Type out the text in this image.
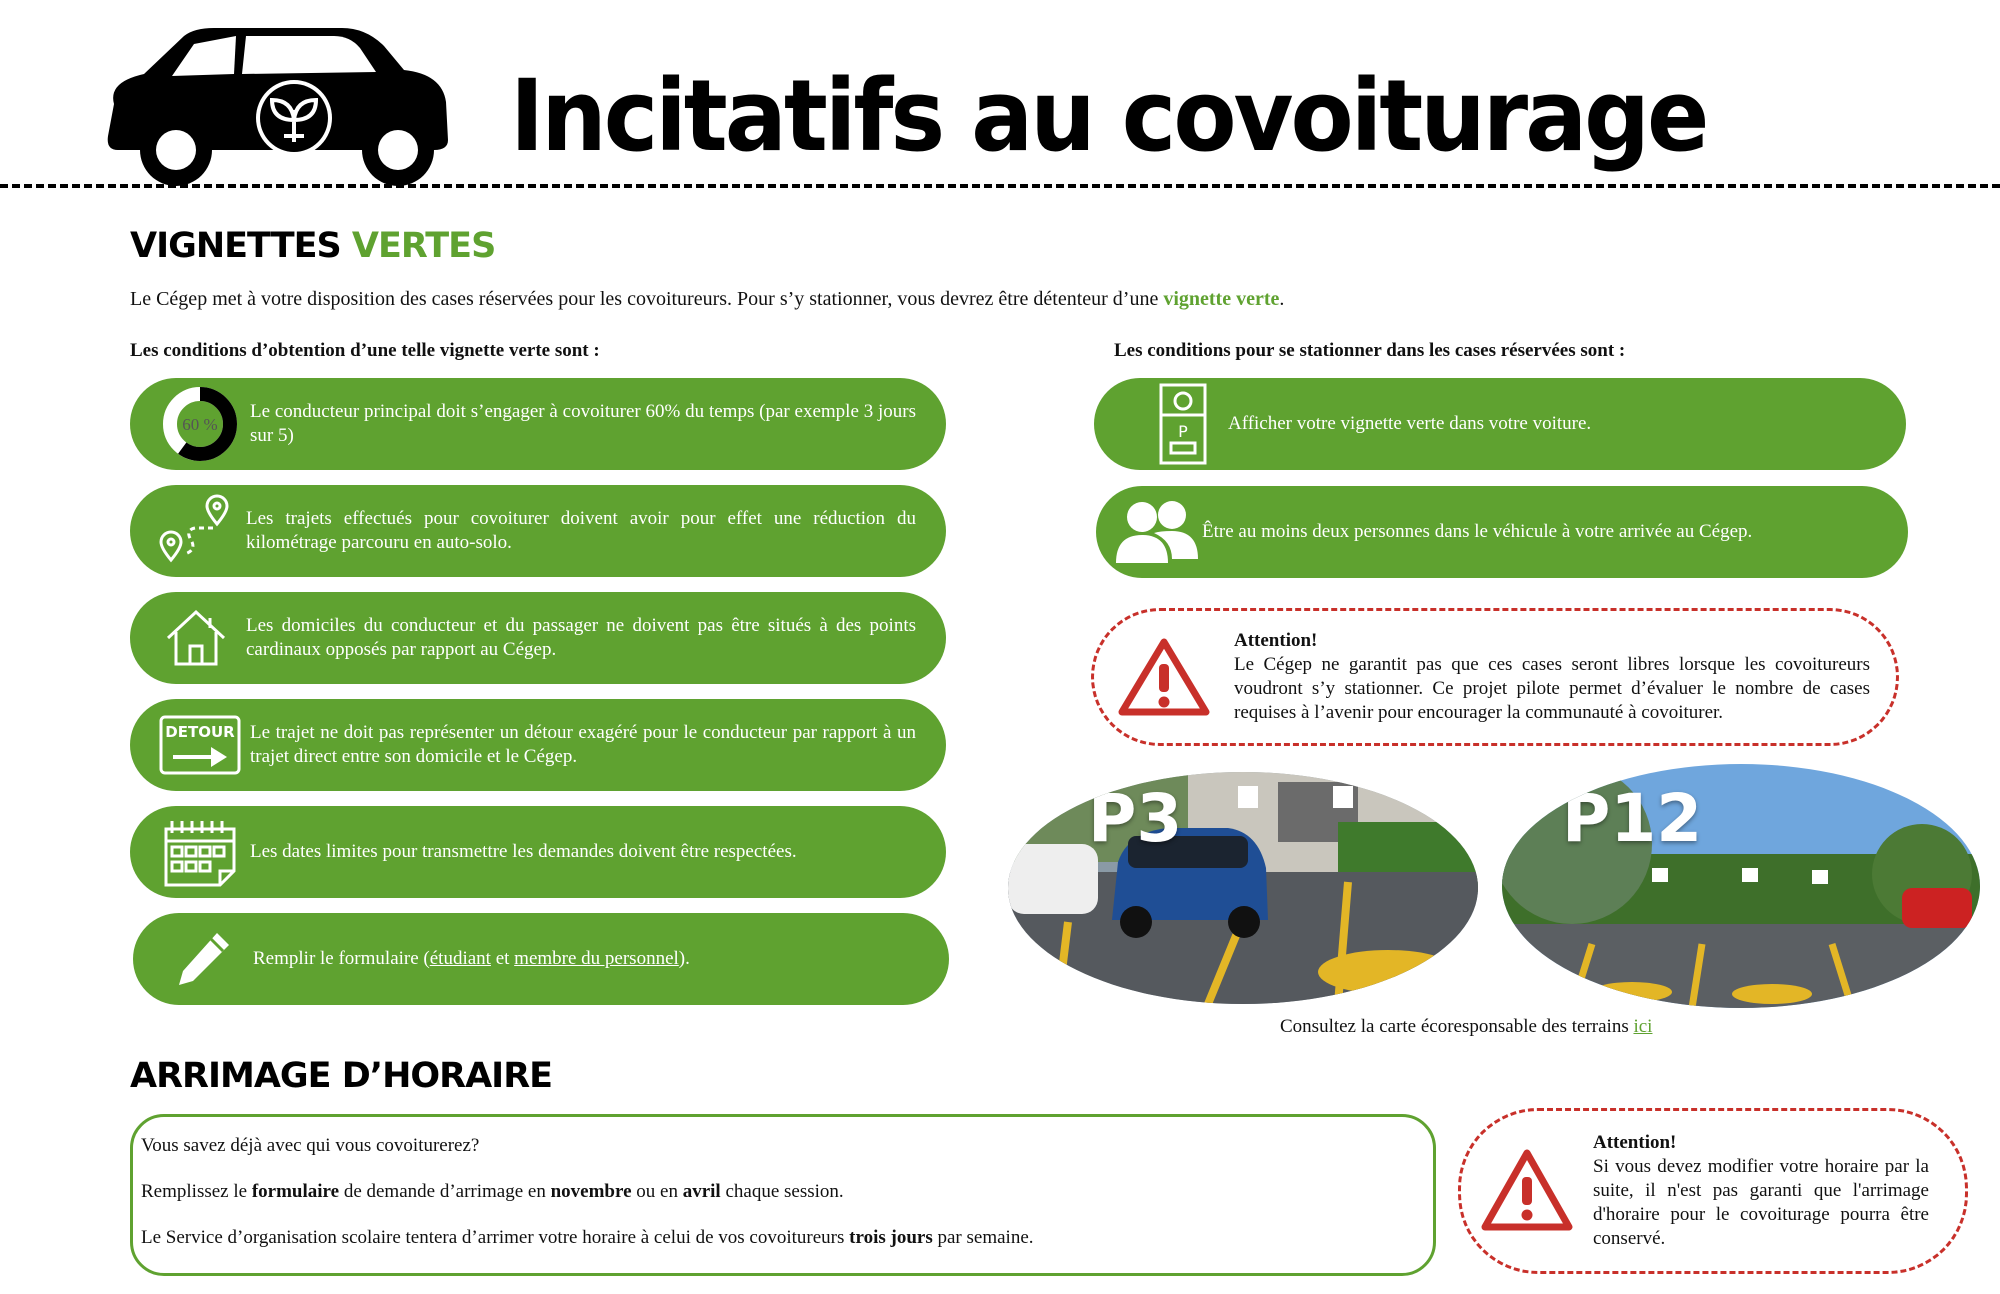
Incitatifs au covoiturage
VIGNETTES VERTES
Le Cégep met à votre disposition des cases réservées pour les covoitureurs. Pour s’y stationner, vous devrez être détenteur d’une vignette verte.
Les conditions d’obtention d’une telle vignette verte sont :	Les conditions pour se stationner dans les cases réservées sont :
60 %
Le conducteur principal doit s’engager à covoiturer 60% du temps (par exemple 3 jours sur 5)
Les trajets effectués pour covoiturer doivent avoir pour effet une réduction du kilométrage parcouru en auto-solo.
Les domiciles du conducteur et du passager ne doivent pas être situés à des points cardinaux opposés par rapport au Cégep.
DETOUR Le trajet ne doit pas représenter un détour exagéré pour le conducteur par rapport à un trajet direct entre son domicile et le Cégep.
Les dates limites pour transmettre les demandes doivent être respectées.
Remplir le formulaire (étudiant et membre du personnel).
P Afficher votre vignette verte dans votre voiture.
Être au moins deux personnes dans le véhicule à votre arrivée au Cégep.
Attention!
Le Cégep ne garantit pas que ces cases seront libres lorsque les covoitureurs voudront s’y stationner. Ce projet pilote permet d’évaluer le nombre de cases requises à l’avenir pour encourager la communauté à covoiturer.
P3	P12
Consultez la carte écoresponsable des terrains ici
ARRIMAGE D’HORAIRE

Vous savez déjà avec qui vous covoiturerez?

Remplissez le formulaire de demande d’arrimage en novembre ou en avril chaque session.

Le Service d’organisation scolaire tentera d’arrimer votre horaire à celui de vos covoitureurs trois jours par semaine.

Attention!
Si vous devez modifier votre horaire par la suite, il n'est pas garanti que l'arrimage d'horaire pour le covoiturage pourra être conservé.
